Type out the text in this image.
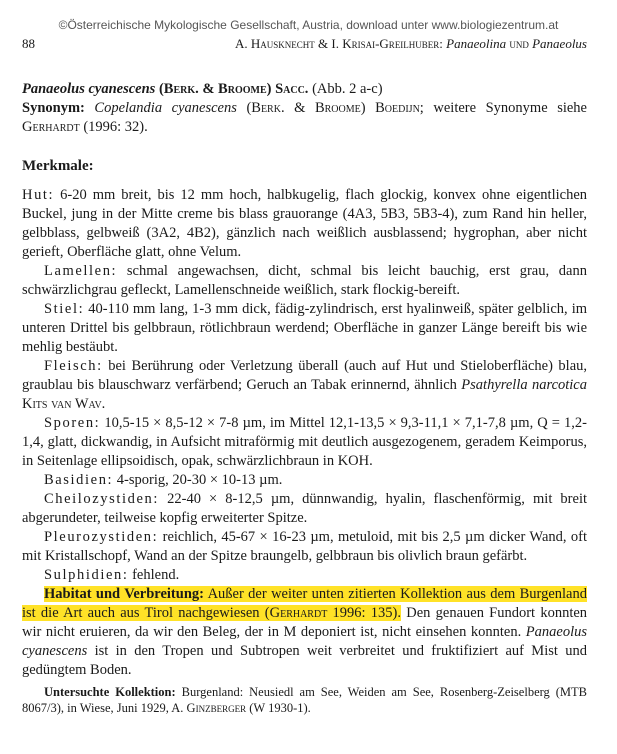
©Österreichische Mykologische Gesellschaft, Austria, download unter www.biologiezentrum.at
88	A. Hausknecht & I. Krisai-Greilhuber: Panaeolina und Panaeolus

Panaeolus cyanescens (Berk. & Broome) Sacc. (Abb. 2 a-c)

Synonym: Copelandia cyanescens (Berk. & Broome) Boedijn; weitere Synonyme siehe Gerhardt (1996: 32).

Merkmale:

Hut: 6-20 mm breit, bis 12 mm hoch, halbkugelig, flach glockig, konvex ohne eigentlichen Buckel, jung in der Mitte creme bis blass grauorange (4A3, 5B3, 5B3-4), zum Rand hin heller, gelbblass, gelbweiß (3A2, 4B2), gänzlich nach weißlich ausblassend; hygrophan, aber nicht gerieft, Oberfläche glatt, ohne Velum.

Lamellen: schmal angewachsen, dicht, schmal bis leicht bauchig, erst grau, dann schwärzlichgrau gefleckt, Lamellenschneide weißlich, stark flockig-bereift.

Stiel: 40-110 mm lang, 1-3 mm dick, fädig-zylindrisch, erst hyalinweiß, später gelblich, im unteren Drittel bis gelbbraun, rötlichbraun werdend; Oberfläche in ganzer Länge bereift bis wie mehlig bestäubt.

Fleisch: bei Berührung oder Verletzung überall (auch auf Hut und Stieloberfläche) blau, graublau bis blauschwarz verfärbend; Geruch an Tabak erinnernd, ähnlich Psathyrella narcotica Kits van Wav.

Sporen: 10,5-15 × 8,5-12 × 7-8 µm, im Mittel 12,1-13,5 × 9,3-11,1 × 7,1-7,8 µm, Q = 1,2-1,4, glatt, dickwandig, in Aufsicht mitraförmig mit deutlich ausgezogenem, geradem Keimporus, in Seitenlage ellipsoidisch, opak, schwärzlichbraun in KOH.

Basidien: 4-sporig, 20-30 × 10-13 µm.

Cheilozystiden: 22-40 × 8-12,5 µm, dünnwandig, hyalin, flaschenförmig, mit breit abgerundeter, teilweise kopfig erweiterter Spitze.

Pleurozystiden: reichlich, 45-67 × 16-23 µm, metuloid, mit bis 2,5 µm dicker Wand, oft mit Kristallschopf, Wand an der Spitze braungelb, gelbbraun bis olivlich braun gefärbt.

Sulphidien: fehlend.

Habitat und Verbreitung: Außer der weiter unten zitierten Kollektion aus dem Burgenland ist die Art auch aus Tirol nachgewiesen (Gerhardt 1996: 135). Den genauen Fundort konnten wir nicht eruieren, da wir den Beleg, der in M deponiert ist, nicht einsehen konnten. Panaeolus cyanescens ist in den Tropen und Subtropen weit verbreitet und fruktifiziert auf Mist und gedüngtem Boden.

Untersuchte Kollektion: Burgenland: Neusiedl am See, Weiden am See, Rosenberg-Zeiselberg (MTB 8067/3), in Wiese, Juni 1929, A. Ginzberger (W 1930-1).
